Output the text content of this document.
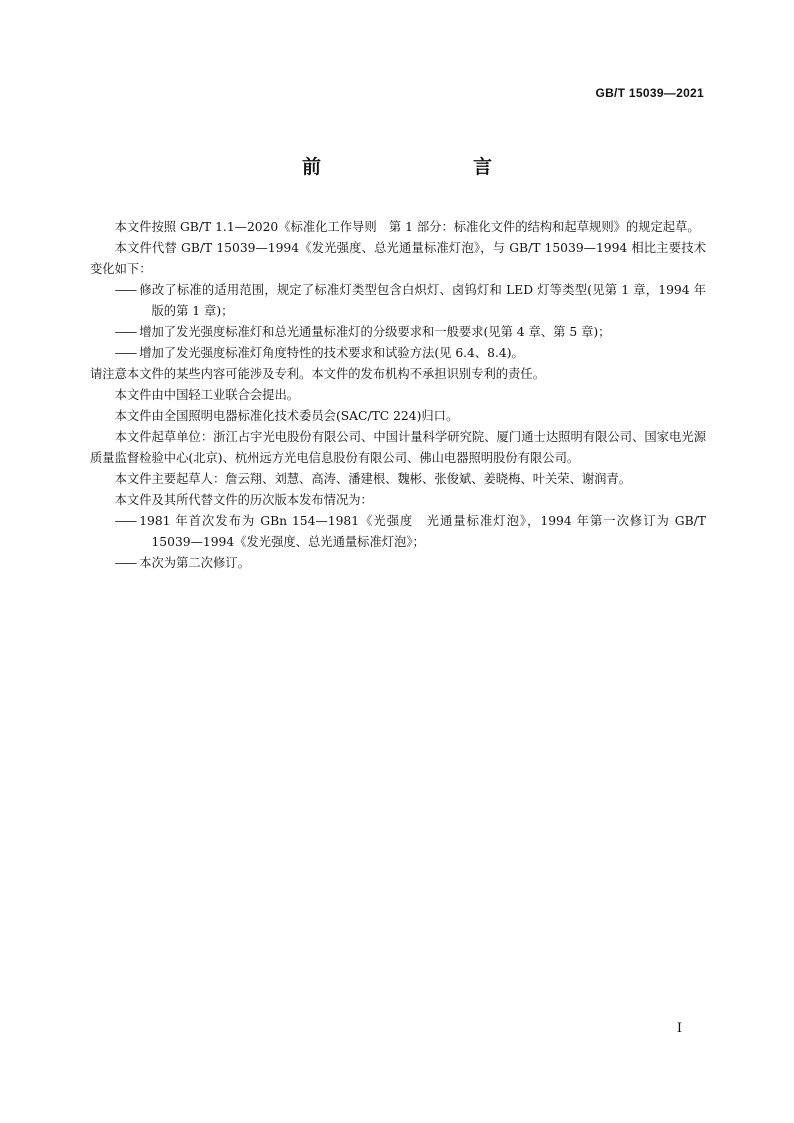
GB/T 15039—2021
前　　言

本文件按照 GB/T 1.1—2020《标准化工作导则　第 1 部分：标准化文件的结构和起草规则》的规定起草。

本文件代替 GB/T 15039—1994《发光强度、总光通量标准灯泡》，与 GB/T 15039—1994 相比主要技术变化如下：

—— 修改了标准的适用范围，规定了标准灯类型包含白炽灯、卤钨灯和 LED 灯等类型(见第 1 章，1994 年版的第 1 章)；

—— 增加了发光强度标准灯和总光通量标准灯的分级要求和一般要求(见第 4 章、第 5 章)；

—— 增加了发光强度标准灯角度特性的技术要求和试验方法(见 6.4、8.4)。

请注意本文件的某些内容可能涉及专利。本文件的发布机构不承担识别专利的责任。

本文件由中国轻工业联合会提出。

本文件由全国照明电器标准化技术委员会(SAC/TC 224)归口。

本文件起草单位：浙江占宇光电股份有限公司、中国计量科学研究院、厦门通士达照明有限公司、国家电光源质量监督检验中心(北京)、杭州远方光电信息股份有限公司、佛山电器照明股份有限公司。

本文件主要起草人：詹云翔、刘慧、高涛、潘建根、魏彬、张俊斌、姜晓梅、叶关荣、谢润青。

本文件及其所代替文件的历次版本发布情况为：

—— 1981 年首次发布为 GBn 154—1981《光强度　光通量标准灯泡》，1994 年第一次修订为 GB/T 15039—1994《发光强度、总光通量标准灯泡》；

—— 本次为第二次修订。

I
